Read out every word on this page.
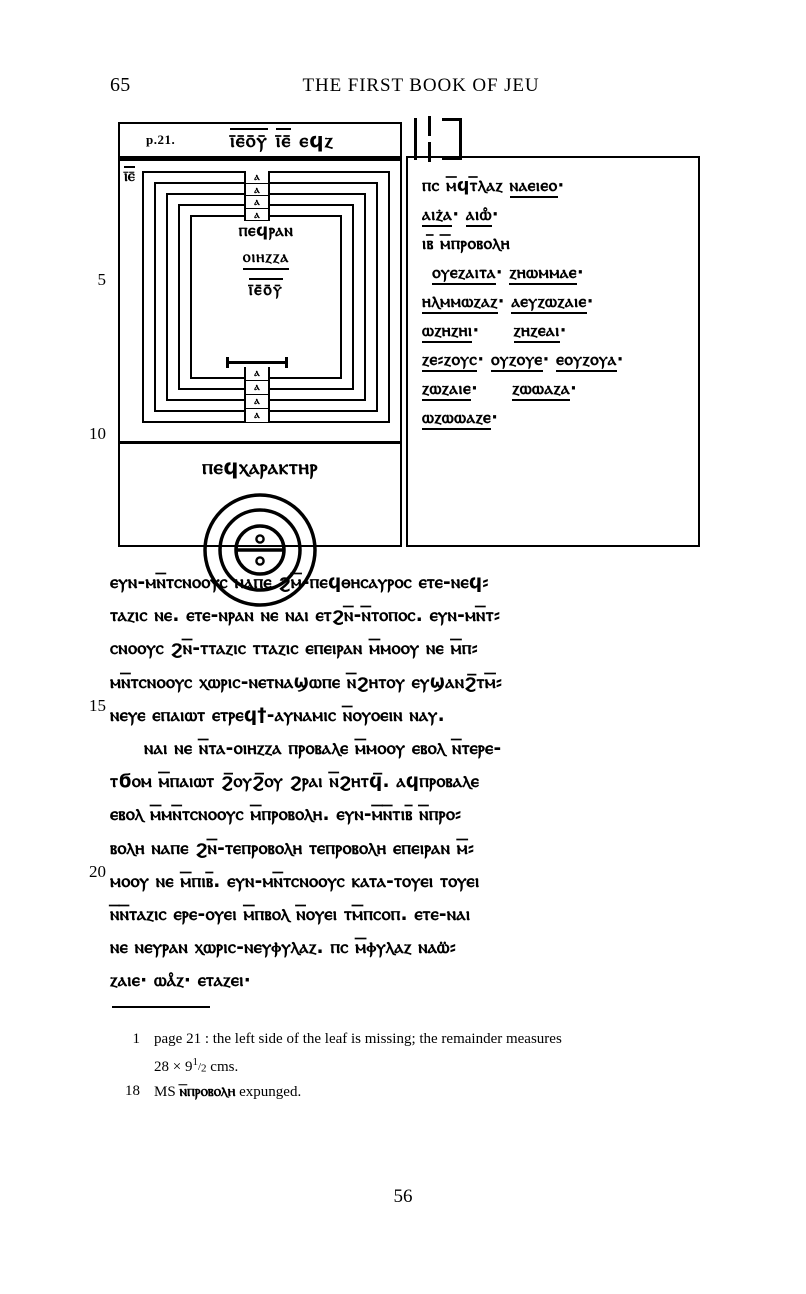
65	THE FIRST BOOK OF JEU
5
10
15
20
p.21.	ⲓ̄ⲉ̄ⲟ̄ⲩ̄ ⲓ̄ⲉ̄ ⲉϥⲍ
ⲓ̄ⲉ̄
ⲡⲉϥⲣⲁⲛ
ⲟⲓⲏⲍⲍⲁ
ⲓ̄ⲉ̄ⲟ̄ⲩ̄
ⲁ
ⲁ
ⲁ
ⲁ
ⲁ
ⲁ
ⲁ
ⲁ
ⲡⲉϥⲭⲁⲣⲁⲕⲧⲏⲣ
ⲡⲥ ⲙ̅ϥⲧ̅ⲗⲁⲍ ⲛⲁⲉⲓⲉⲟ·
ⲁⲓⲍ̇ⲁ· ⲁⲓⲱ̊·
ⲓⲃ̅ ⲙ̅ⲡⲣⲟⲃⲟⲗⲏ
ⲟⲩⲉⲍⲁⲓⲧⲁ· ⲍⲏⲱⲙⲙⲁⲉ·
ⲏⲗⲙⲙⲱⲍⲁⲍ· ⲁⲉⲩⲍⲱⲍⲁⲓⲉ·
ⲱⲍⲏⲍⲏⲓ· ⲍⲏⲍⲉⲁⲓ·
ⲍⲉ⸗ⲍⲟⲩⲥ· ⲟⲩⲍⲟⲩⲉ· ⲉⲟⲩⲍⲟⲩⲁ·
ⲍⲱⲍⲁⲓⲉ· ⲍⲱⲱⲁⲍⲁ·
ⲱⲍⲱⲱⲁⲍⲉ·
ⲉⲩⲛ-ⲙⲛ̅ⲧⲥⲛⲟⲟⲩⲥ ⲛⲁⲡⲉ ϩⲙ̅-ⲡⲉϥⲑⲏⲥⲁⲩⲣⲟⲥ ⲉⲧⲉ-ⲛⲉϥ⸗
ⲧⲁⲍⲓⲥ ⲛⲉ. ⲉⲧⲉ-ⲛⲣⲁⲛ ⲛⲉ ⲛⲁⲓ ⲉⲧϩⲛ̅-ⲛ̅ⲧⲟⲡⲟⲥ. ⲉⲩⲛ-ⲙⲛ̅ⲧ⸗
ⲥⲛⲟⲟⲩⲥ ϩⲛ̅-ⲧⲧⲁⲍⲓⲥ ⲧⲧⲁⲍⲓⲥ ⲉⲡⲉⲓⲣⲁⲛ ⲙ̅ⲙⲟⲟⲩ ⲛⲉ ⲙ̅ⲡ⸗
ⲙⲛ̅ⲧⲥⲛⲟⲟⲩⲥ ⲭⲱⲣⲓⲥ-ⲛⲉⲧⲛⲁϣⲱⲡⲉ ⲛ̅ϩⲏⲧⲟⲩ ⲉⲩϣⲁⲛϩ̅ⲧⲙ̅⸗
ⲛⲉⲩⲉ ⲉⲡⲁⲓⲱⲧ ⲉⲧⲣⲉϥ†-ⲁⲩⲛⲁⲙⲓⲥ ⲛ̅ⲟⲩⲟⲉⲓⲛ ⲛⲁⲩ.
ⲛⲁⲓ ⲛⲉ ⲛ̅ⲧⲁ-ⲟⲓⲏⲍⲍⲁ ⲡⲣⲟⲃⲁⲗⲉ ⲙ̅ⲙⲟⲟⲩ ⲉⲃⲟⲗ ⲛ̅ⲧⲉⲣⲉ-
ⲧϭⲟⲙ ⲙ̅ⲡⲁⲓⲱⲧ ϩ̅ⲟⲩϩ̅ⲟⲩ ϩⲣⲁⲓ ⲛ̅ϩⲏⲧϥ̅. ⲁϥⲡⲣⲟⲃⲁⲗⲉ
ⲉⲃⲟⲗ ⲙ̅ⲙⲛ̅ⲧⲥⲛⲟⲟⲩⲥ ⲙ̅ⲡⲣⲟⲃⲟⲗⲏ. ⲉⲩⲛ-ⲙ̅ⲛ̅ⲧⲓⲃ̅ ⲛ̅ⲡⲣⲟ⸗
ⲃⲟⲗⲏ ⲛⲁⲡⲉ ϩⲛ̅-ⲧⲉⲡⲣⲟⲃⲟⲗⲏ ⲧⲉⲡⲣⲟⲃⲟⲗⲏ ⲉⲡⲉⲓⲣⲁⲛ ⲙ̅⸗
ⲙⲟⲟⲩ ⲛⲉ ⲙ̅ⲡⲓⲃ̅. ⲉⲩⲛ-ⲙⲛ̅ⲧⲥⲛⲟⲟⲩⲥ ⲕⲁⲧⲁ-ⲧⲟⲩⲉⲓ ⲧⲟⲩⲉⲓ
ⲛ̅ⲛ̅ⲧⲁⲍⲓⲥ ⲉⲣⲉ-ⲟⲩⲉⲓ ⲙ̅ⲡⲃⲟⲗ ⲛ̅ⲟⲩⲉⲓ ⲧⲙ̅ⲡⲥⲟⲡ. ⲉⲧⲉ-ⲛⲁⲓ
ⲛⲉ ⲛⲉⲩⲣⲁⲛ ⲭⲱⲣⲓⲥ-ⲛⲉⲩⲫⲩⲗⲁⲍ. ⲡⲥ ⲙ̅ⲫⲩⲗⲁⲍ ⲛⲁⲱ̈⸗
ⲍⲁⲓⲉ· ⲱⲁ̊ⲍ· ⲉⲧⲁⲍⲉⲓ·
1 page 21 : the left side of the leaf is missing; the remainder measures
$28 \times 9^1/_2$ cms.
18 MS ⲛ̅ⲡⲣⲟⲃⲟⲗⲏ expunged.
56
